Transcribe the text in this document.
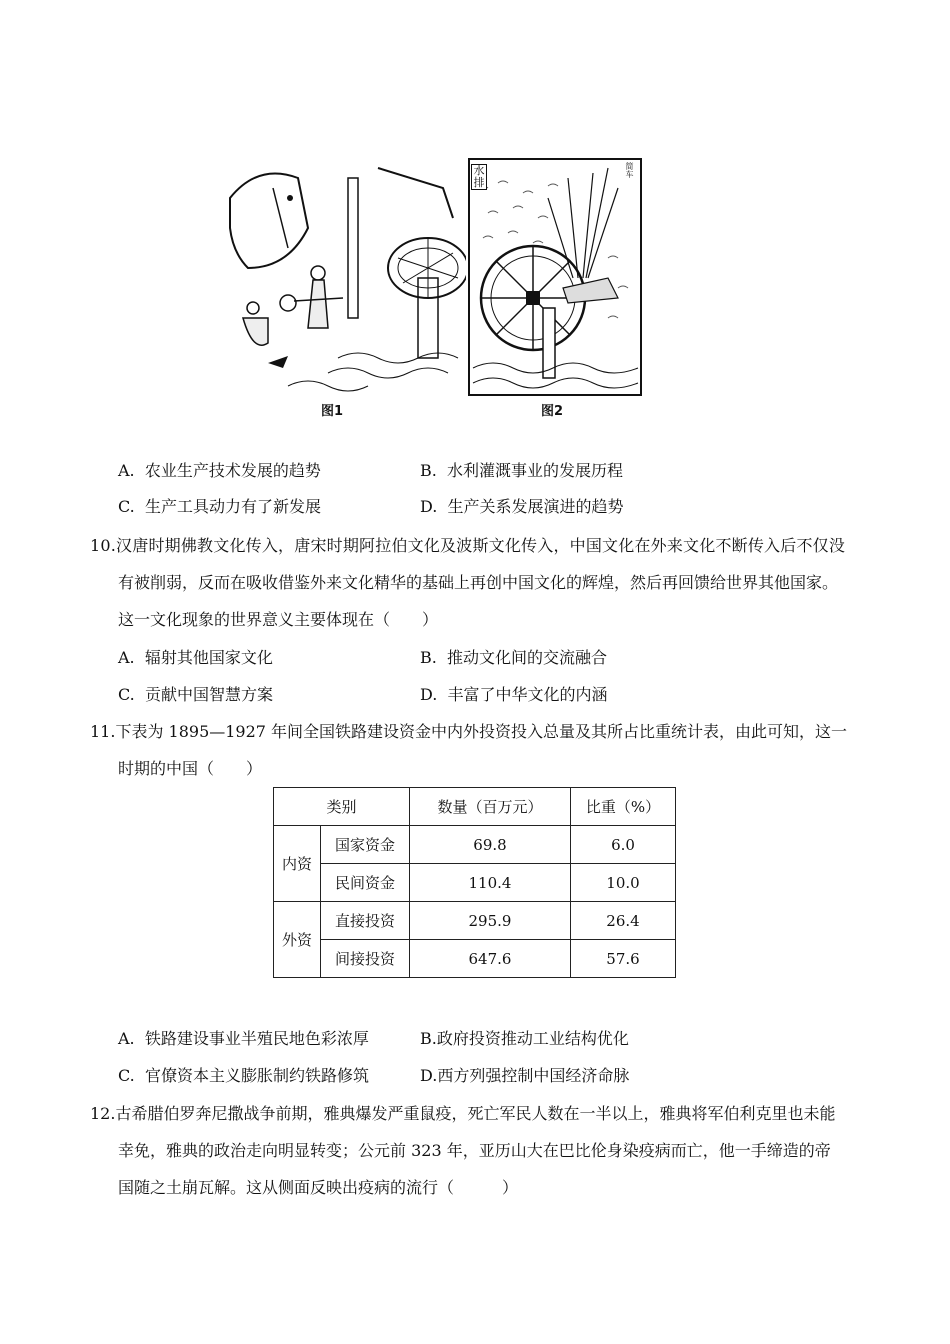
图1
水
排
简车
图2
A. 农业生产技术发展的趋势	B. 水利灌溉事业的发展历程
C. 生产工具动力有了新发展	D. 生产关系发展演进的趋势
10.汉唐时期佛教文化传入，唐宋时期阿拉伯文化及波斯文化传入，中国文化在外来文化不断传入后不仅没
有被削弱，反而在吸收借鉴外来文化精华的基础上再创中国文化的辉煌，然后再回馈给世界其他国家。
这一文化现象的世界意义主要体现在（　　）
A. 辐射其他国家文化	B. 推动文化间的交流融合
C. 贡献中国智慧方案	D. 丰富了中华文化的内涵
11.下表为 1895—1927 年间全国铁路建设资金中内外投资投入总量及其所占比重统计表，由此可知，这一
时期的中国（　　）
类别		数量（百万元）	比重（%）
内资	国家资金	69.8	6.0
	民间资金	110.4	10.0
外资	直接投资	295.9	26.4
	间接投资	647.6	57.6
A. 铁路建设事业半殖民地色彩浓厚	B.政府投资推动工业结构优化
C. 官僚资本主义膨胀制约铁路修筑	D.西方列强控制中国经济命脉
12.古希腊伯罗奔尼撒战争前期，雅典爆发严重鼠疫，死亡军民人数在一半以上，雅典将军伯利克里也未能
幸免，雅典的政治走向明显转变；公元前 323 年，亚历山大在巴比伦身染疫病而亡，他一手缔造的帝
国随之土崩瓦解。这从侧面反映出疫病的流行（　　　）
